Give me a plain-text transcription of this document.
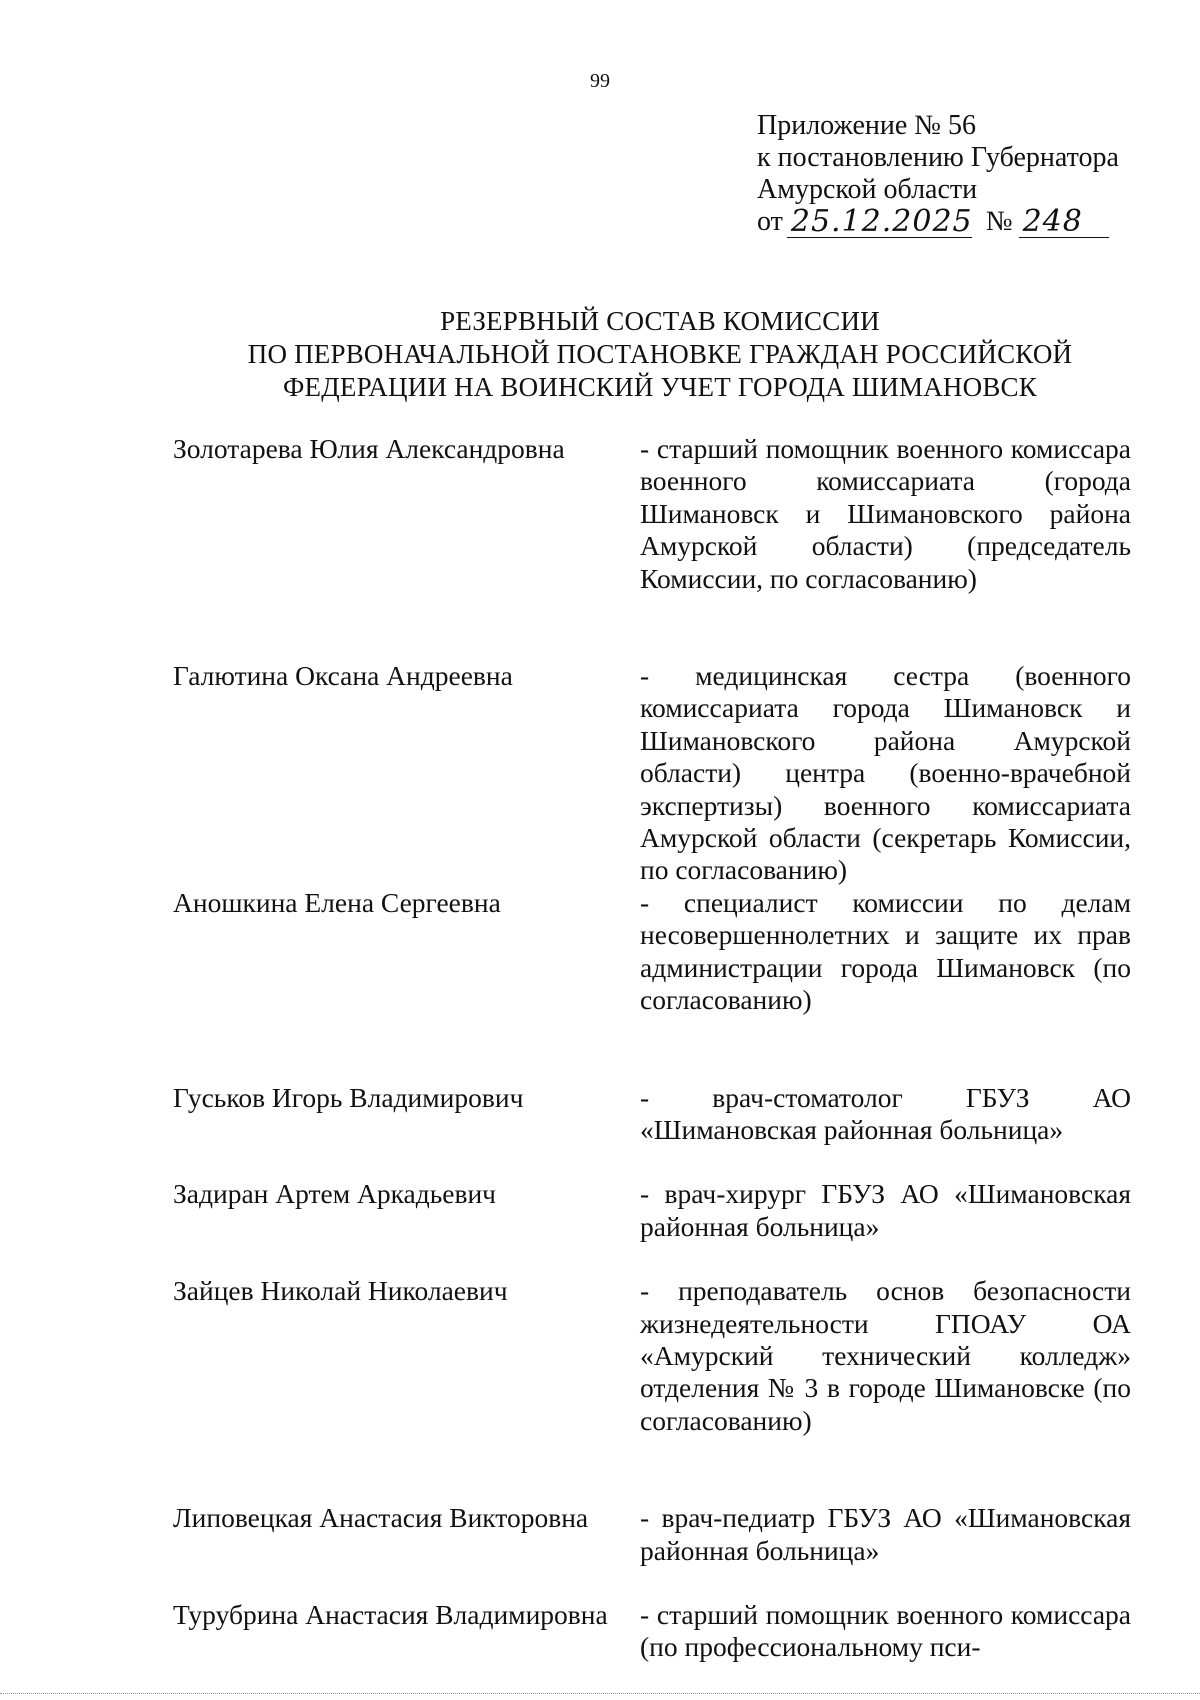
99
Приложение № 56
к постановлению Губернатора
Амурской области
от 25.12.2025 № 248
РЕЗЕРВНЫЙ СОСТАВ КОМИССИИ
ПО ПЕРВОНАЧАЛЬНОЙ ПОСТАНОВКЕ ГРАЖДАН РОССИЙСКОЙ
ФЕДЕРАЦИИ НА ВОИНСКИЙ УЧЕТ ГОРОДА ШИМАНОВСК
Золотарева Юлия Александровна	- старший помощник военного комиссара военного комиссариата (города Шимановск и Шимановского района Амурской области) (председатель Комиссии, по согласованию)
Галютина Оксана Андреевна	- медицинская сестра (военного комиссариата города Шимановск и Шимановского района Амурской области) центра (военно-врачебной экспертизы) военного комиссариата Амурской области (секретарь Комиссии, по согласованию)
Аношкина Елена Сергеевна	- специалист комиссии по делам несовершеннолетних и защите их прав администрации города Шимановск (по согласованию)
Гуськов Игорь Владимирович	- врач-стоматолог ГБУЗ АО «Шимановская районная больница»
Задиран Артем Аркадьевич	- врач-хирург ГБУЗ АО «Шимановская районная больница»
Зайцев Николай Николаевич	- преподаватель основ безопасности жизнедеятельности ГПОАУ ОА «Амурский технический колледж» отделения № 3 в городе Шимановске (по согласованию)
Липовецкая Анастасия Викторовна	- врач-педиатр ГБУЗ АО «Шимановская районная больница»
Турубрина Анастасия Владимировна	- старший помощник военного комиссара (по профессиональному пси-
